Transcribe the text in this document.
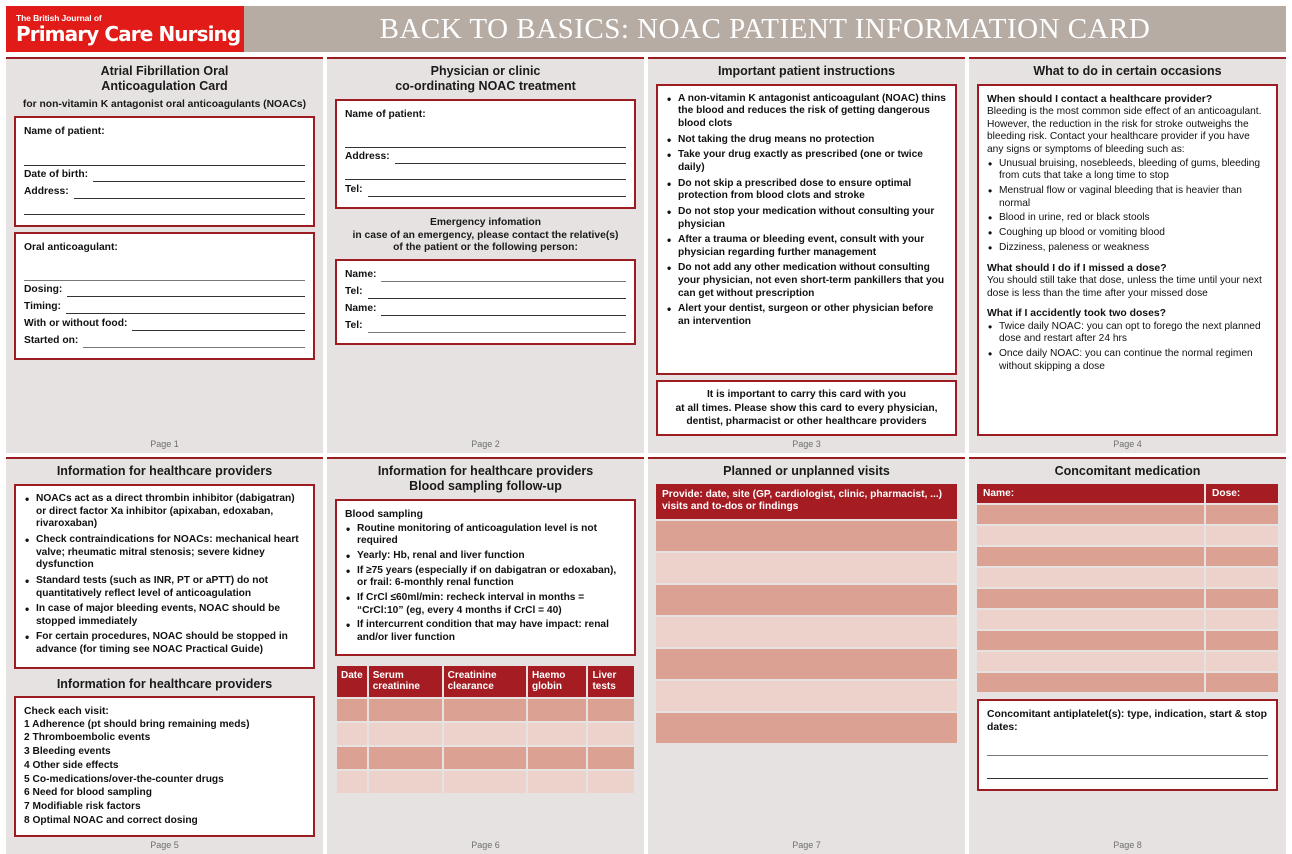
The British Journal of
Primary Care Nursing	BACK TO BASICS: NOAC PATIENT INFORMATION CARD
Atrial Fibrillation Oral
Anticoagulation Card
for non-vitamin K antagonist oral anticoagulants (NOACs)
Name of patient:
Date of birth:
Address:
Oral anticoagulant:
Dosing:
Timing:
With or without food:
Started on:
Page 1
Physician or clinic
co-ordinating NOAC treatment
Name of patient:
Address:
Tel:
Emergency infomation
in case of an emergency, please contact the relative(s)
of the patient or the following person:
Name:
Tel:
Name:
Tel:
Page 2
Important patient instructions
• A non-vitamin K antagonist anticoagulant (NOAC) thins the blood and reduces the risk of getting dangerous blood clots
• Not taking the drug means no protection
• Take your drug exactly as prescribed (one or twice daily)
• Do not skip a prescribed dose to ensure optimal protection from blood clots and stroke
• Do not stop your medication without consulting your physician
• After a trauma or bleeding event, consult with your physician regarding further management
• Do not add any other medication without consulting your physician, not even short-term pankillers that you can get without prescription
• Alert your dentist, surgeon or other physician before an intervention
It is important to carry this card with you
at all times. Please show this card to every physician,
dentist, pharmacist or other healthcare providers
Page 3
What to do in certain occasions
When should I contact a healthcare provider?
Bleeding is the most common side effect of an anticoagulant. However, the reduction in the risk for stroke outweighs the bleeding risk. Contact your healthcare provider if you have any signs or symptoms of bleeding such as:
• Unusual bruising, nosebleeds, bleeding of gums, bleeding from cuts that take a long time to stop
• Menstrual flow or vaginal bleeding that is heavier than normal
• Blood in urine, red or black stools
• Coughing up blood or vomiting blood
• Dizziness, paleness or weakness
What should I do if I missed a dose?
You should still take that dose, unless the time until your next dose is less than the time after your missed dose
What if I accidently took two doses?
• Twice daily NOAC: you can opt to forego the next planned dose and restart after 24 hrs
• Once daily NOAC: you can continue the normal regimen without skipping a dose
Page 4
Information for healthcare providers
• NOACs act as a direct thrombin inhibitor (dabigatran) or direct factor Xa inhibitor (apixaban, edoxaban, rivaroxaban)
• Check contraindications for NOACs: mechanical heart valve; rheumatic mitral stenosis; severe kidney dysfunction
• Standard tests (such as INR, PT or aPTT) do not quantitatively reflect level of anticoagulation
• In case of major bleeding events, NOAC should be stopped immediately
• For certain procedures, NOAC should be stopped in advance (for timing see NOAC Practical Guide)
Information for healthcare providers
Check each visit:
1 Adherence (pt should bring remaining meds)
2 Thromboembolic events
3 Bleeding events
4 Other side effects
5 Co-medications/over-the-counter drugs
6 Need for blood sampling
7 Modifiable risk factors
8 Optimal NOAC and correct dosing
Page 5
Information for healthcare providers
Blood sampling follow-up
Blood sampling
• Routine monitoring of anticoagulation level is not required
• Yearly: Hb, renal and liver function
• If ≥75 years (especially if on dabigatran or edoxaban), or frail: 6-monthly renal function
• If CrCl ≤60ml/min: recheck interval in months = “CrCl:10” (eg, every 4 months if CrCl = 40)
• If intercurrent condition that may have impact: renal and/or liver function
Date	Serum creatinine	Creatinine clearance	Haemo globin	Liver tests

Page 6
Planned or unplanned visits
Provide: date, site (GP, cardiologist, clinic, pharmacist, ...)
visits and to-dos or findings
Page 7
Concomitant medication
Name:	Dose:
Concomitant antiplatelet(s): type, indication, start & stop
dates:
Page 8
